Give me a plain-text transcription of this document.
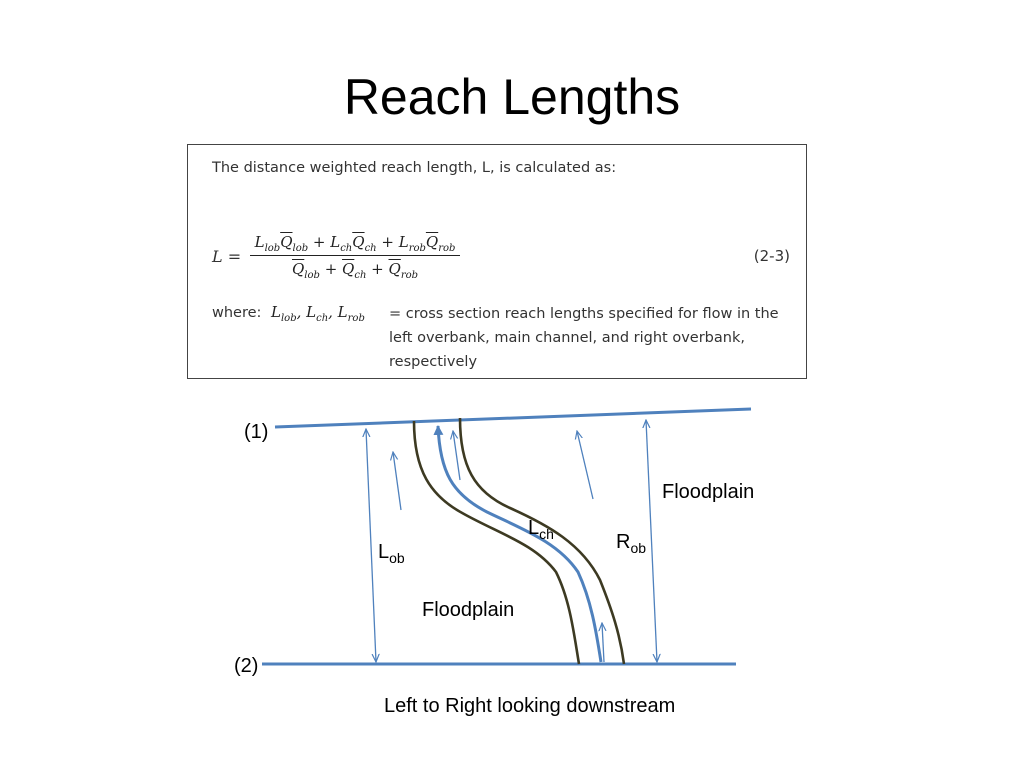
Reach Lengths
The distance weighted reach length, L, is calculated as:
L =
$L_{lob}\overline{Q}_{lob} + L_{ch}\overline{Q}_{ch} + L_{rob}\overline{Q}_{rob}$
$\overline{Q}_{lob} + \overline{Q}_{ch} + \overline{Q}_{rob}$
(2-3)
where: $L_{lob}$, $L_{ch}$, $L_{rob}$ = cross section reach lengths specified for flow in the left overbank, main channel, and right overbank, respectively
(1)
(2)
Floodplain
Floodplain
$L_{ob}$
$L_{ch}$	$R_{ob}$
Left to Right looking downstream
